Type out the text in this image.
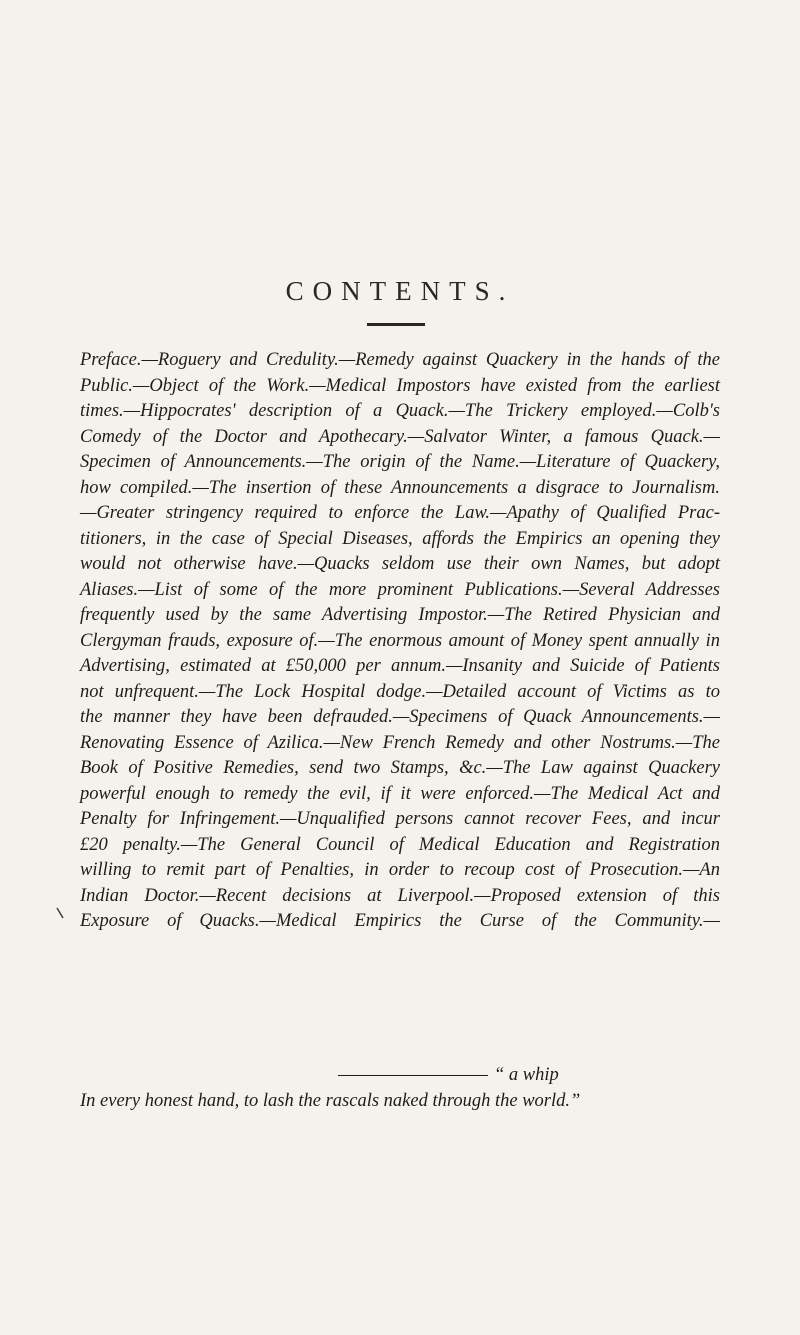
CONTENTS.
Preface.—Roguery and Credulity.—Remedy against Quackery in the hands of the
Public.—Object of the Work.—Medical Impostors have existed from the earliest
times.—Hippocrates' description of a Quack.—The Trickery employed.—Colb's
Comedy of the Doctor and Apothecary.—Salvator Winter, a famous Quack.—
Specimen of Announcements.—The origin of the Name.—Literature of Quackery,
how compiled.—The insertion of these Announcements a disgrace to Journalism.
—Greater stringency required to enforce the Law.—Apathy of Qualified Prac-
titioners, in the case of Special Diseases, affords the Empirics an opening they
would not otherwise have.—Quacks seldom use their own Names, but adopt
Aliases.—List of some of the more prominent Publications.—Several Addresses
frequently used by the same Advertising Impostor.—The Retired Physician and
Clergyman frauds, exposure of.—The enormous amount of Money spent annually in
Advertising, estimated at £50,000 per annum.—Insanity and Suicide of Patients
not unfrequent.—The Lock Hospital dodge.—Detailed account of Victims as to
the manner they have been defrauded.—Specimens of Quack Announcements.—
Renovating Essence of Azilica.—New French Remedy and other Nostrums.—The
Book of Positive Remedies, send two Stamps, &c.—The Law against Quackery
powerful enough to remedy the evil, if it were enforced.—The Medical Act and
Penalty for Infringement.—Unqualified persons cannot recover Fees, and incur
£20 penalty.—The General Council of Medical Education and Registration
willing to remit part of Penalties, in order to recoup cost of Prosecution.—An
Indian Doctor.—Recent decisions at Liverpool.—Proposed extension of this
Exposure of Quacks.—Medical Empirics the Curse of the Community.—
“ a whip
In every honest hand, to lash the rascals naked through the world.”
